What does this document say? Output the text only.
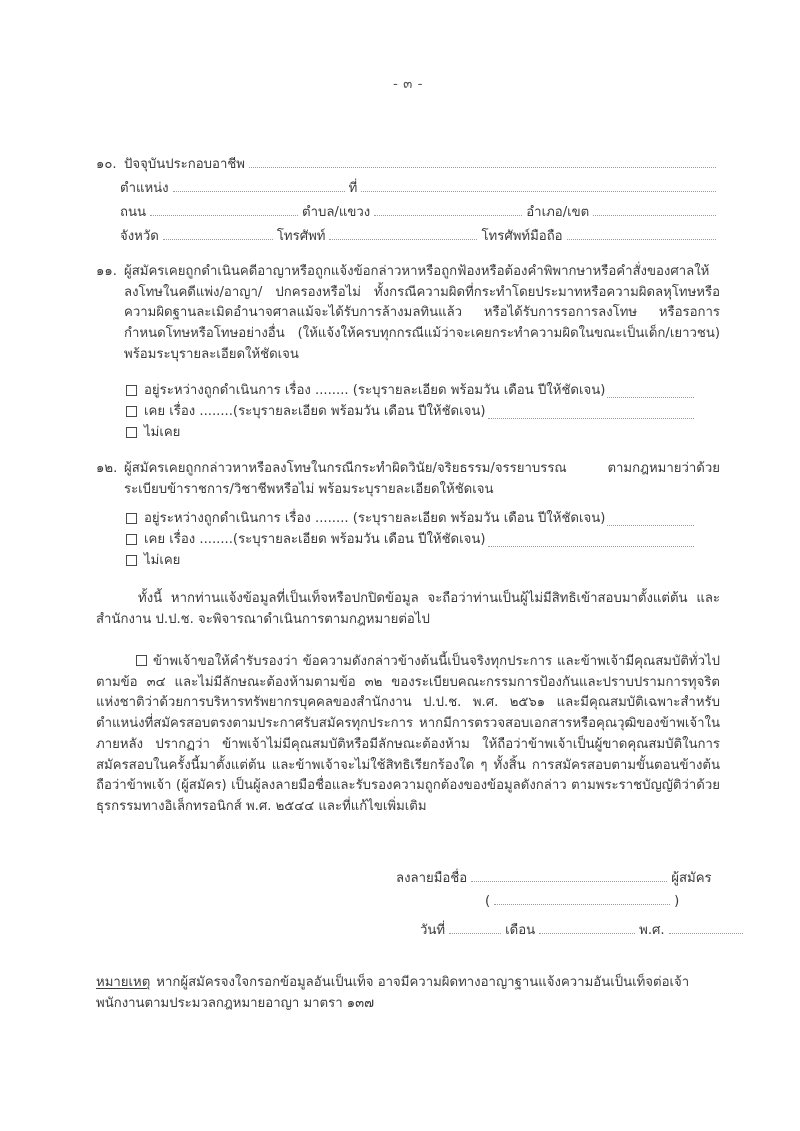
- ๓ -
๑๐. ปัจจุบันประกอบอาชีพ
ตำแหน่ง	ที่
ถนน	ตำบล/แขวง	อำเภอ/เขต
จังหวัด	โทรศัพท์	โทรศัพท์มือถือ
๑๑. ผู้สมัครเคยถูกดำเนินคดีอาญาหรือถูกแจ้งข้อกล่าวหาหรือถูกฟ้องหรือต้องคำพิพากษาหรือคำสั่งของศาลให้ลงโทษในคดีแพ่ง/อาญา/ ปกครองหรือไม่ ทั้งกรณีความผิดที่กระทำโดยประมาทหรือความผิดลหุโทษหรือความผิดฐานละเมิดอำนาจศาลแม้จะได้รับการล้างมลทินแล้ว หรือได้รับการรอการลงโทษ หรือรอการกำหนดโทษหรือโทษอย่างอื่น (ให้แจ้งให้ครบทุกกรณีแม้ว่าจะเคยกระทำความผิดในขณะเป็นเด็ก/เยาวชน) พร้อมระบุรายละเอียดให้ชัดเจน
อยู่ระหว่างถูกดำเนินการ เรื่อง ........ (ระบุรายละเอียด พร้อมวัน เดือน ปีให้ชัดเจน)
เคย เรื่อง ........(ระบุรายละเอียด พร้อมวัน เดือน ปีให้ชัดเจน)
ไม่เคย
๑๒. ผู้สมัครเคยถูกกล่าวหาหรือลงโทษในกรณีกระทำผิดวินัย/จริยธรรม/จรรยาบรรณ ตามกฎหมายว่าด้วยระเบียบข้าราชการ/วิชาชีพหรือไม่ พร้อมระบุรายละเอียดให้ชัดเจน
อยู่ระหว่างถูกดำเนินการ เรื่อง ........ (ระบุรายละเอียด พร้อมวัน เดือน ปีให้ชัดเจน)
เคย เรื่อง ........(ระบุรายละเอียด พร้อมวัน เดือน ปีให้ชัดเจน)
ไม่เคย
ทั้งนี้ หากท่านแจ้งข้อมูลที่เป็นเท็จหรือปกปิดข้อมูล จะถือว่าท่านเป็นผู้ไม่มีสิทธิเข้าสอบมาตั้งแต่ต้น และสำนักงาน ป.ป.ช. จะพิจารณาดำเนินการตามกฎหมายต่อไป
ข้าพเจ้าขอให้คำรับรองว่า ข้อความดังกล่าวข้างต้นนี้เป็นจริงทุกประการ และข้าพเจ้ามีคุณสมบัติทั่วไปตามข้อ ๓๔ และไม่มีลักษณะต้องห้ามตามข้อ ๓๒ ของระเบียบคณะกรรมการป้องกันและปราบปรามการทุจริตแห่งชาติว่าด้วยการบริหารทรัพยากรบุคคลของสำนักงาน ป.ป.ช. พ.ศ. ๒๕๖๑ และมีคุณสมบัติเฉพาะสำหรับตำแหน่งที่สมัครสอบตรงตามประกาศรับสมัครทุกประการ หากมีการตรวจสอบเอกสารหรือคุณวุฒิของข้าพเจ้าในภายหลัง ปรากฏว่า ข้าพเจ้าไม่มีคุณสมบัติหรือมีลักษณะต้องห้าม ให้ถือว่าข้าพเจ้าเป็นผู้ขาดคุณสมบัติในการสมัครสอบในครั้งนี้มาตั้งแต่ต้น และข้าพเจ้าจะไม่ใช้สิทธิเรียกร้องใด ๆ ทั้งสิ้น การสมัครสอบตามขั้นตอนข้างต้น ถือว่าข้าพเจ้า (ผู้สมัคร) เป็นผู้ลงลายมือชื่อและรับรองความถูกต้องของข้อมูลดังกล่าว ตามพระราชบัญญัติว่าด้วยธุรกรรมทางอิเล็กทรอนิกส์ พ.ศ. ๒๕๔๔ และที่แก้ไขเพิ่มเติม
ลงลายมือชื่อ	ผู้สมัคร
(	)
วันที่	เดือน	พ.ศ.
หมายเหตุ หากผู้สมัครจงใจกรอกข้อมูลอันเป็นเท็จ อาจมีความผิดทางอาญาฐานแจ้งความอันเป็นเท็จต่อเจ้าพนักงานตามประมวลกฎหมายอาญา มาตรา ๑๓๗
